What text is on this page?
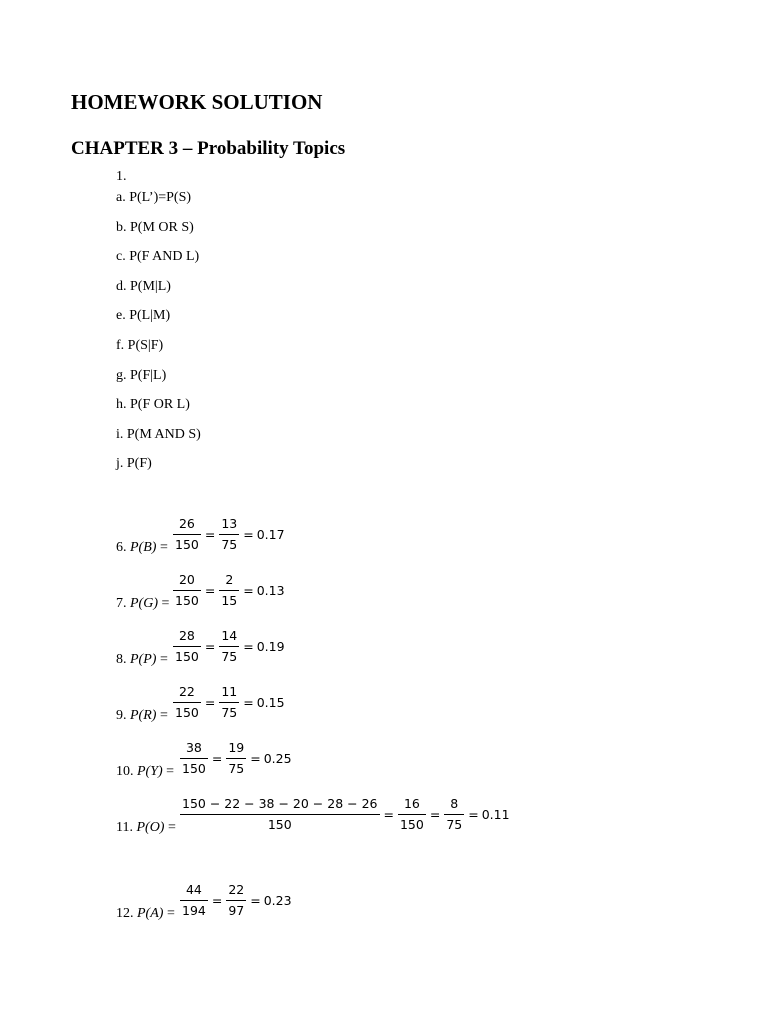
HOMEWORK SOLUTION
CHAPTER 3 – Probability Topics
1.
a. P(L’)=P(S)
b. P(M OR S)
c. P(F AND L)
d. P(M|L)
e. P(L|M)
f. P(S|F)
g. P(F|L)
h. P(F OR L)
i. P(M AND S)
j. P(F)
6. $P(B) = \frac{26}{150} = \frac{13}{75} = 0.17$
7. $P(G) = \frac{20}{150} = \frac{2}{15} = 0.13$
8. $P(P) = \frac{28}{150} = \frac{14}{75} = 0.19$
9. $P(R) = \frac{22}{150} = \frac{11}{75} = 0.15$
10. $P(Y) = \frac{38}{150} = \frac{19}{75} = 0.25$
11. $P(O) = \frac{150 - 22 - 38 - 20 - 28 - 26}{150} = \frac{16}{150} = \frac{8}{75} = 0.11$
12. $P(A) = \frac{44}{194} = \frac{22}{97} = 0.23$
